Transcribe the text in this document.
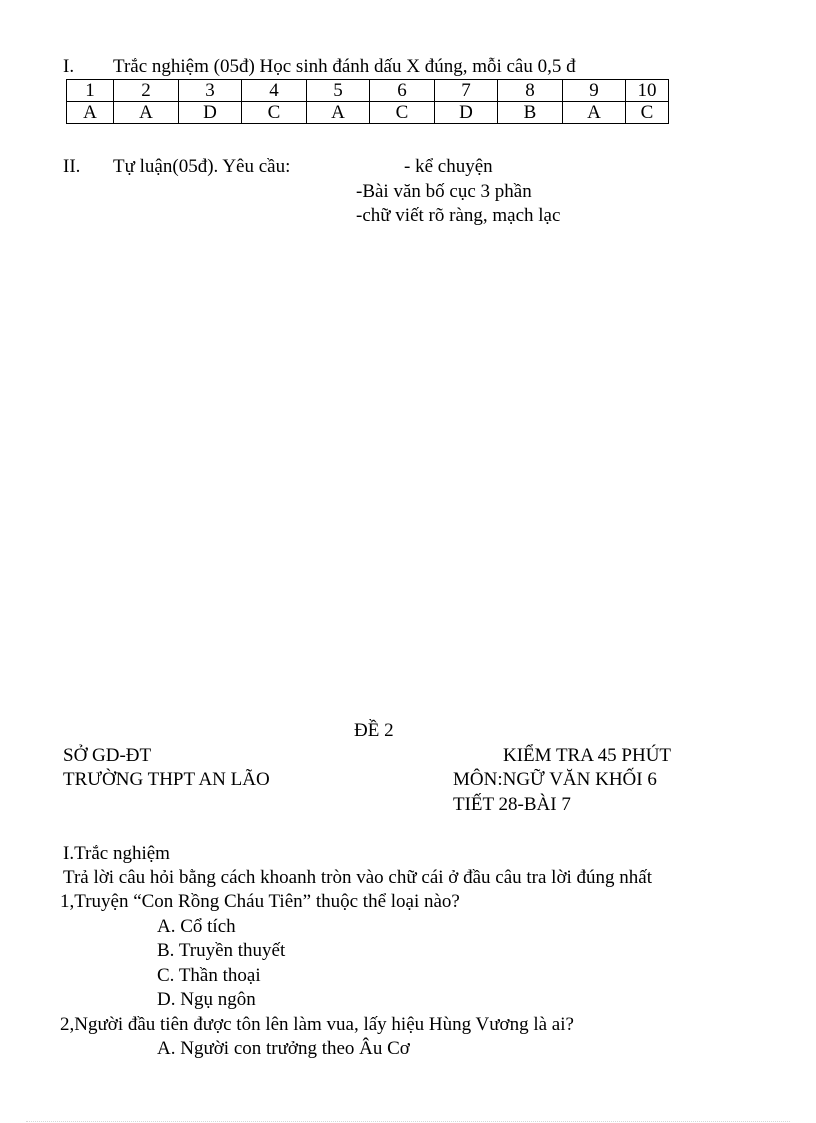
I. Trắc nghiệm (05đ) Học sinh đánh dấu X đúng, mỗi câu 0,5 đ
1	2	3	4	5	6	7	8	9	10
A	A	D	C	A	C	D	B	A	C
II. Tự luận(05đ). Yêu cầu:	- kể chuyện
-Bài văn bố cục 3 phần
-chữ viết rõ ràng, mạch lạc
ĐỀ 2
SỞ GD-ĐT
TRƯỜNG THPT AN LÃO
KIỂM TRA 45 PHÚT
MÔN:NGỮ VĂN KHỐI 6
TIẾT 28-BÀI 7
I.Trắc nghiệm
Trả lời câu hỏi bằng cách khoanh tròn vào chữ cái ở đầu câu tra lời đúng nhất
1,Truyện “Con Rồng Cháu Tiên” thuộc thể loại nào?
A. Cổ tích
B. Truyền thuyết
C. Thần thoại
D. Ngụ ngôn
2,Người đầu tiên được tôn lên làm vua, lấy hiệu Hùng Vương là ai?
A. Người con trưởng theo Âu Cơ
